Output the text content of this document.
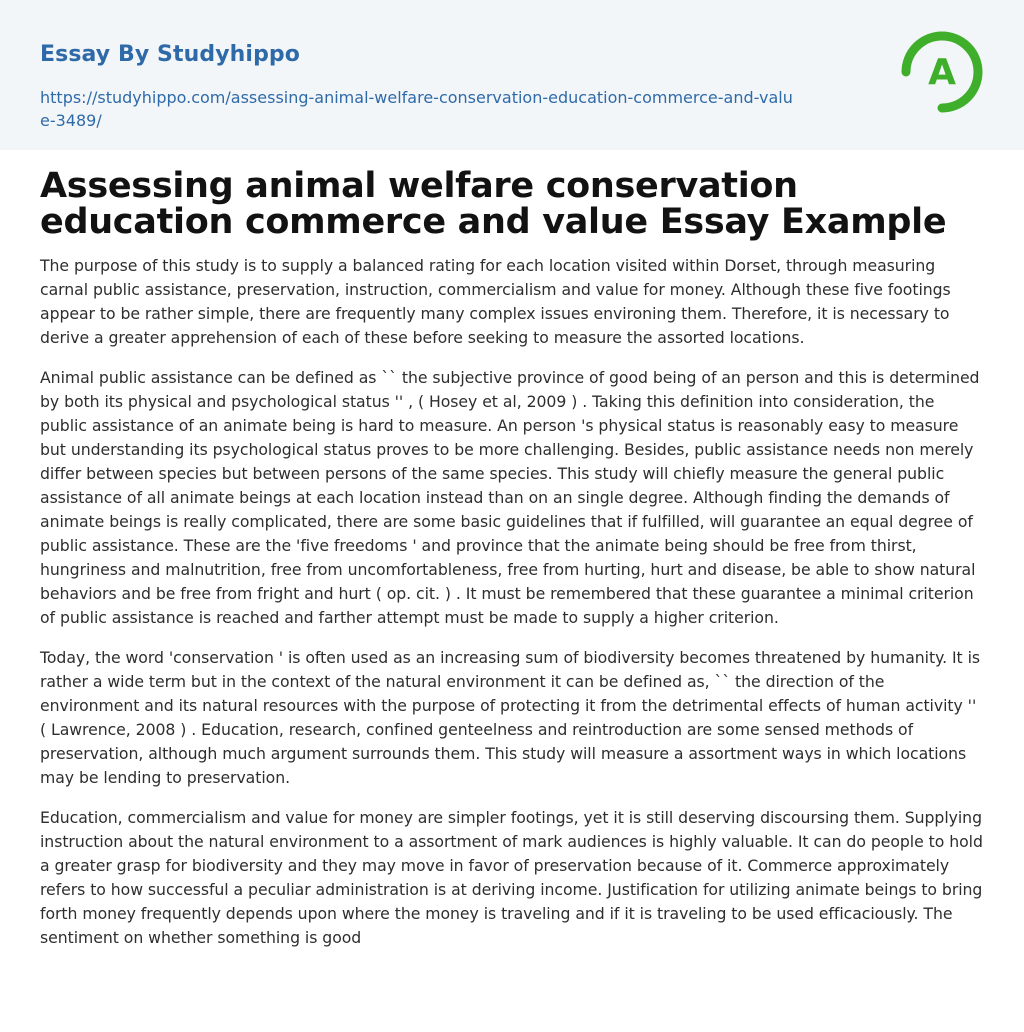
Essay By Studyhippo
https://studyhippo.com/assessing-animal-welfare-conservation-education-commerce-and-value-3489/
A
Assessing animal welfare conservation education commerce and value Essay Example

The purpose of this study is to supply a balanced rating for each location visited within Dorset, through measuring carnal public assistance, preservation, instruction, commercialism and value for money. Although these five footings appear to be rather simple, there are frequently many complex issues environing them. Therefore, it is necessary to derive a greater apprehension of each of these before seeking to measure the assorted locations.

Animal public assistance can be defined as `` the subjective province of good being of an person and this is determined by both its physical and psychological status '' , ( Hosey et al, 2009 ) . Taking this definition into consideration, the public assistance of an animate being is hard to measure. An person 's physical status is reasonably easy to measure but understanding its psychological status proves to be more challenging. Besides, public assistance needs non merely differ between species but between persons of the same species. This study will chiefly measure the general public assistance of all animate beings at each location instead than on an single degree. Although finding the demands of animate beings is really complicated, there are some basic guidelines that if fulfilled, will guarantee an equal degree of public assistance. These are the 'five freedoms ' and province that the animate being should be free from thirst, hungriness and malnutrition, free from uncomfortableness, free from hurting, hurt and disease, be able to show natural behaviors and be free from fright and hurt ( op. cit. ) . It must be remembered that these guarantee a minimal criterion of public assistance is reached and farther attempt must be made to supply a higher criterion.

Today, the word 'conservation ' is often used as an increasing sum of biodiversity becomes threatened by humanity. It is rather a wide term but in the context of the natural environment it can be defined as, `` the direction of the environment and its natural resources with the purpose of protecting it from the detrimental effects of human activity '' ( Lawrence, 2008 ) . Education, research, confined genteelness and reintroduction are some sensed methods of preservation, although much argument surrounds them. This study will measure a assortment ways in which locations may be lending to preservation.

Education, commercialism and value for money are simpler footings, yet it is still deserving discoursing them. Supplying instruction about the natural environment to a assortment of mark audiences is highly valuable. It can do people to hold a greater grasp for biodiversity and they may move in favor of preservation because of it. Commerce approximately refers to how successful a peculiar administration is at deriving income. Justification for utilizing animate beings to bring forth money frequently depends upon where the money is traveling and if it is traveling to be used efficaciously. The sentiment on whether something is good
